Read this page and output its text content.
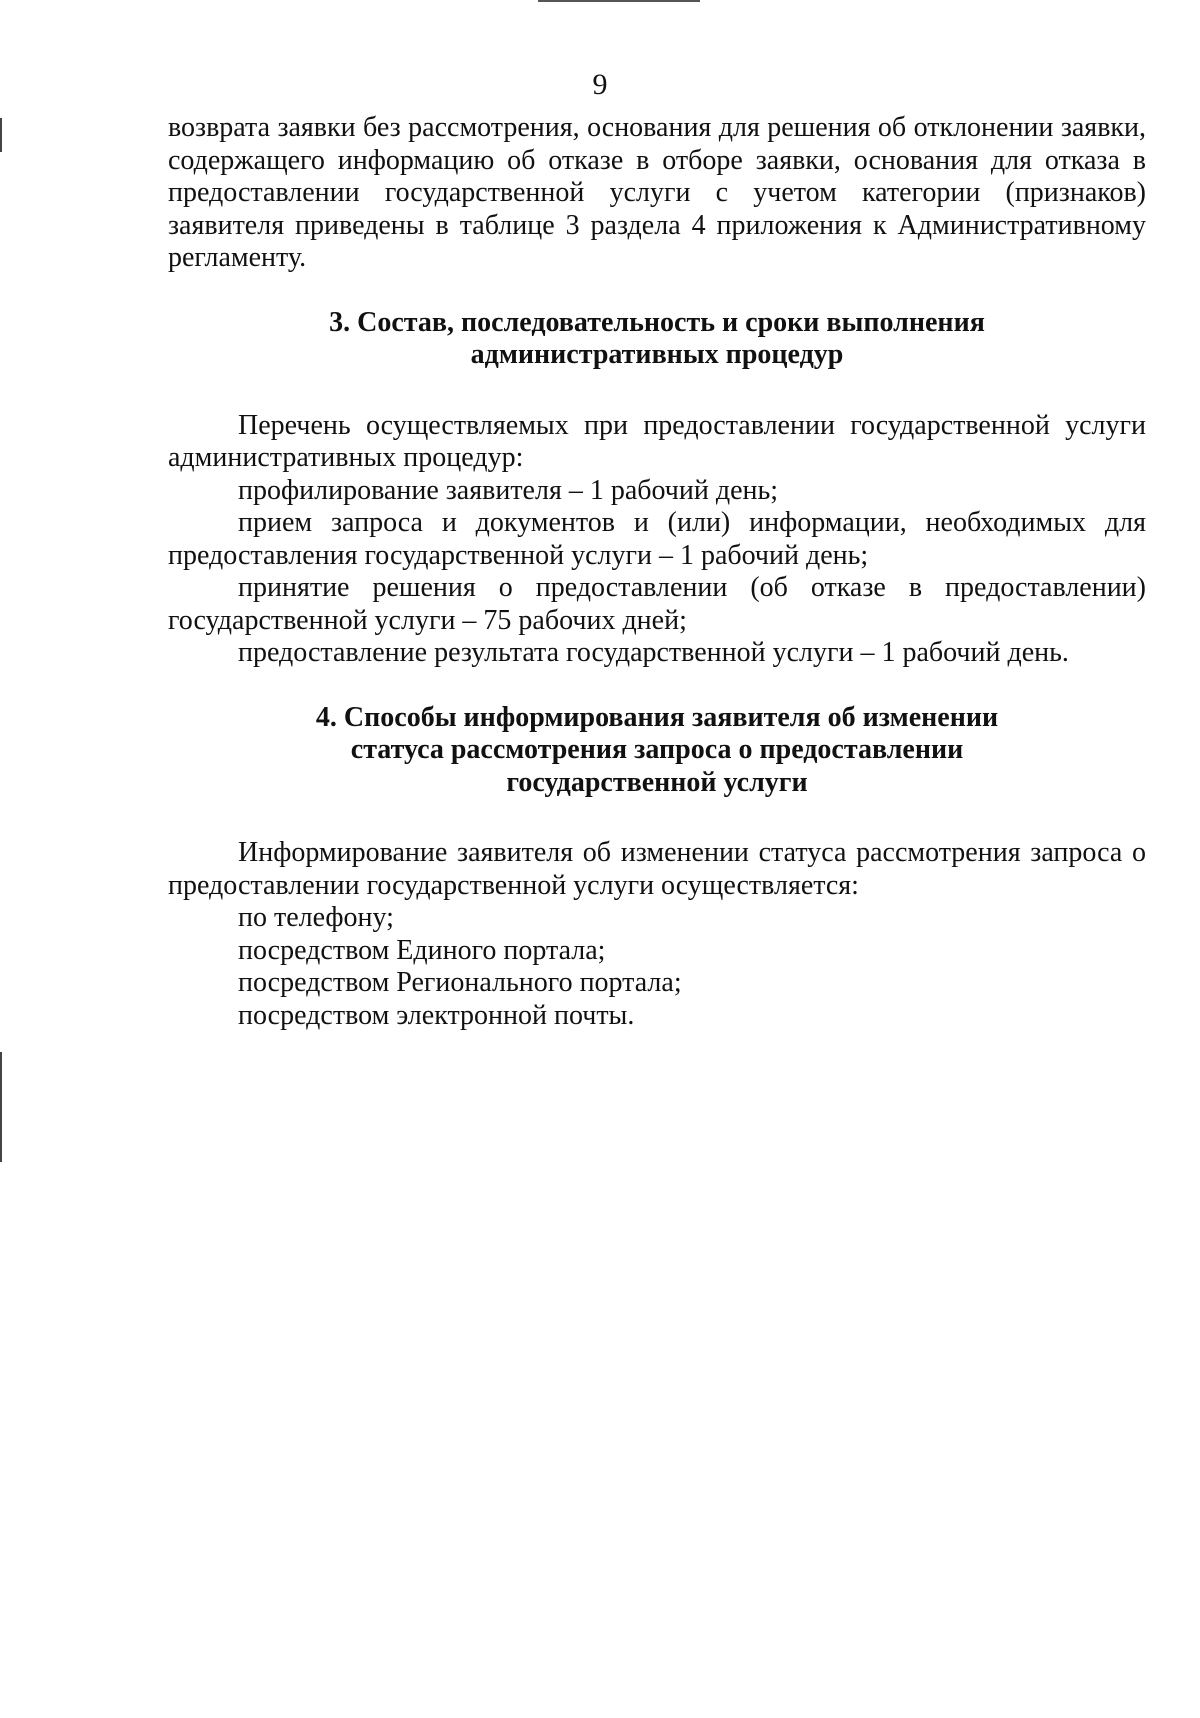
9

возврата заявки без рассмотрения, основания для решения об отклонении заявки, содержащего информацию об отказе в отборе заявки, основания для отказа в предоставлении государственной услуги с учетом категории (признаков) заявителя приведены в таблице 3 раздела 4 приложения к Административному регламенту.

3. Состав, последовательность и сроки выполнения

административных процедур

Перечень осуществляемых при предоставлении государственной услуги административных процедур:

профилирование заявителя – 1 рабочий день;

прием запроса и документов и (или) информации, необходимых для предоставления государственной услуги – 1 рабочий день;

принятие решения о предоставлении (об отказе в предоставлении) государственной услуги – 75 рабочих дней;

предоставление результата государственной услуги – 1 рабочий день.

4. Способы информирования заявителя об изменении

статуса рассмотрения запроса о предоставлении

государственной услуги

Информирование заявителя об изменении статуса рассмотрения запроса о предоставлении государственной услуги осуществляется:

по телефону;

посредством Единого портала;

посредством Регионального портала;

посредством электронной почты.
